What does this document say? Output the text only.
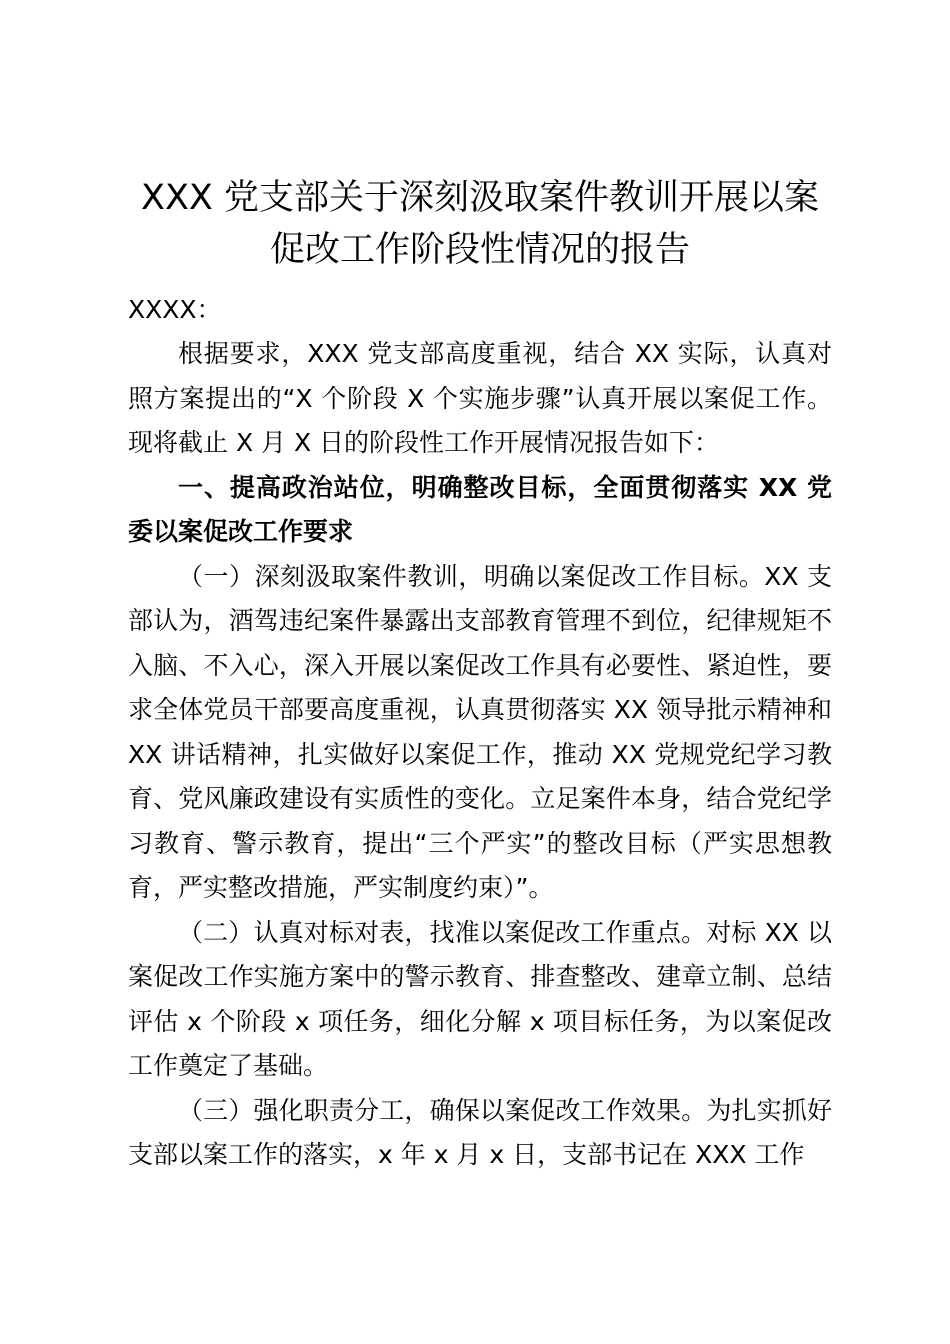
XXX 党支部关于深刻汲取案件教训开展以案
促改工作阶段性情况的报告

XXXX：

根据要求，XXX 党支部高度重视，结合 XX 实际，认真对照方案提出的“X 个阶段 X 个实施步骤”认真开展以案促工作。现将截止 X 月 X 日的阶段性工作开展情况报告如下：

一、提高政治站位，明确整改目标，全面贯彻落实 XX 党委以案促改工作要求

（一）深刻汲取案件教训，明确以案促改工作目标。XX 支部认为，酒驾违纪案件暴露出支部教育管理不到位，纪律规矩不入脑、不入心，深入开展以案促改工作具有必要性、紧迫性，要求全体党员干部要高度重视，认真贯彻落实 XX 领导批示精神和 XX 讲话精神，扎实做好以案促工作，推动 XX 党规党纪学习教育、党风廉政建设有实质性的变化。立足案件本身，结合党纪学习教育、警示教育，提出“三个严实”的整改目标（严实思想教育，严实整改措施，严实制度约束）”。

（二）认真对标对表，找准以案促改工作重点。对标 XX 以案促改工作实施方案中的警示教育、排查整改、建章立制、总结评估 x 个阶段 x 项任务，细化分解 x 项目标任务，为以案促改工作奠定了基础。

（三）强化职责分工，确保以案促改工作效果。为扎实抓好支部以案工作的落实，x 年 x 月 x 日，支部书记在 XXX 工作
